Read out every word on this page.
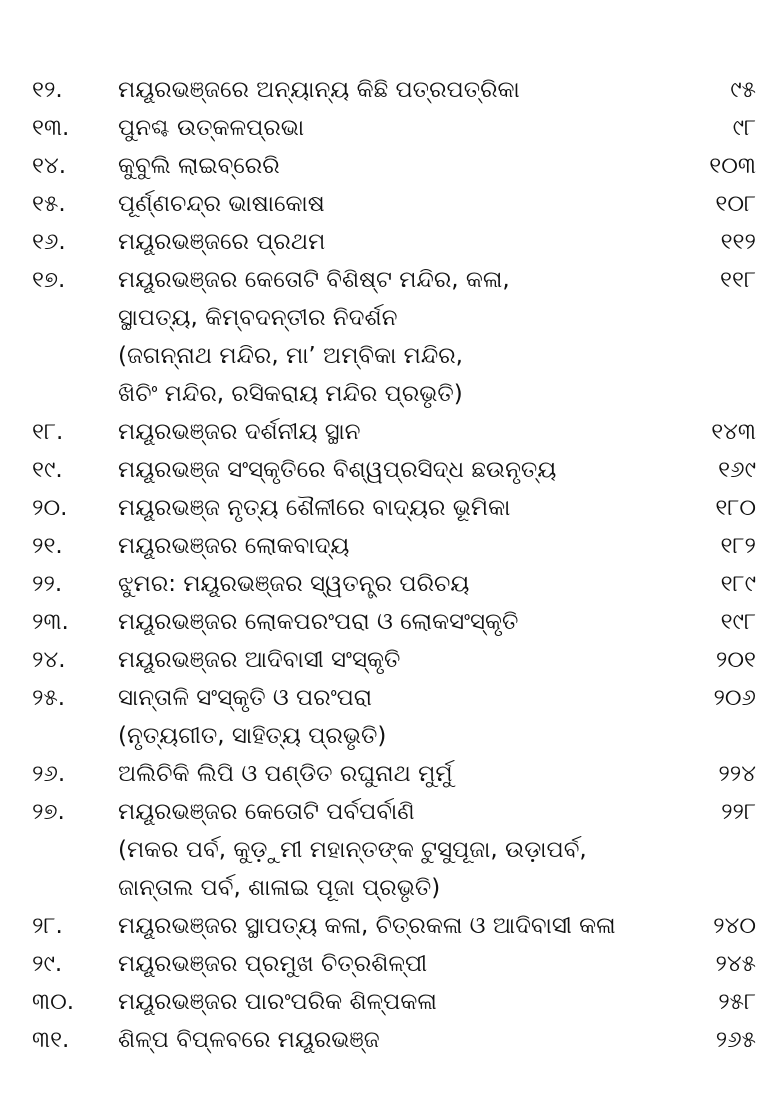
୧୨. ମୟୂରଭଞ୍ଜରେ ଅନ୍ୟାନ୍ୟ କିଛି ପତ୍ରପତ୍ରିକା	୯୫
୧୩. ପୁନଶ୍ଚ ଉତ୍କଳପ୍ରଭା	୯୮
୧୪. କୁବୁଲି ଲାଇବ୍ରେରି	୧୦୩
୧୫. ପୂର୍ଣ୍ଣଚନ୍ଦ୍ର ଭାଷାକୋଷ	୧୦୮
୧୬. ମୟୂରଭଞ୍ଜରେ ପ୍ରଥମ	୧୧୨
୧୭. ମୟୂରଭଞ୍ଜର କେତୋଟି ବିଶିଷ୍ଟ ମନ୍ଦିର, କଳା,	୧୧୮
ସ୍ଥାପତ୍ୟ, କିମ୍ବଦନ୍ତୀର ନିଦର୍ଶନ
(ଜଗନ୍ନାଥ ମନ୍ଦିର, ମା’ ଅମ୍ବିକା ମନ୍ଦିର,
ଖିଚିଂ ମନ୍ଦିର, ରସିକରାୟ ମନ୍ଦିର ପ୍ରଭୃତି)
୧୮. ମୟୂରଭଞ୍ଜର ଦର୍ଶନୀୟ ସ୍ଥାନ	୧୪୩
୧୯. ମୟୂରଭଞ୍ଜ ସଂସ୍କୃତିରେ ବିଶ୍ୱପ୍ରସିଦ୍ଧ ଛଉନୃତ୍ୟ	୧୬୯
୨୦. ମୟୂରଭଞ୍ଜ ନୃତ୍ୟ ଶୈଳୀରେ ବାଦ୍ୟର ଭୂମିକା	୧୮୦
୨୧. ମୟୂରଭଞ୍ଜର ଲୋକବାଦ୍ୟ	୧୮୨
୨୨. ଝୁମର: ମୟୂରଭଞ୍ଜର ସ୍ୱତନ୍ତ୍ର ପରିଚୟ	୧୮୯
୨୩. ମୟୂରଭଞ୍ଜର ଲୋକପରଂପରା ଓ ଲୋକସଂସ୍କୃତି	୧୯୮
୨୪. ମୟୂରଭଞ୍ଜର ଆଦିବାସୀ ସଂସ୍କୃତି	୨୦୧
୨୫. ସାନ୍ତାଳି ସଂସ୍କୃତି ଓ ପରଂପରା	୨୦୬
(ନୃତ୍ୟଗୀତ, ସାହିତ୍ୟ ପ୍ରଭୃତି)
୨୬. ଅଲିଚିକି ଲିପି ଓ ପଣ୍ଡିତ ରଘୁନାଥ ମୁର୍ମୁ	୨୨୪
୨୭. ମୟୂରଭଞ୍ଜର କେତୋଟି ପର୍ବପର୍ବାଣି	୨୨୮
(ମକର ପର୍ବ, କୁଡ଼ୁମୀ ମହାନ୍ତଙ୍କ ଟୁସୁପୂଜା, ଉଡ଼ାପର୍ବ,
ଜାନ୍ତାଲ ପର୍ବ, ଶାଳାଇ ପୂଜା ପ୍ରଭୃତି)
୨୮. ମୟୂରଭଞ୍ଜର ସ୍ଥାପତ୍ୟ କଳା, ଚିତ୍ରକଳା ଓ ଆଦିବାସୀ କଳା	୨୪୦
୨୯. ମୟୂରଭଞ୍ଜର ପ୍ରମୁଖ ଚିତ୍ରଶିଳ୍ପୀ	୨୪୫
୩୦. ମୟୂରଭଞ୍ଜର ପାରଂପରିକ ଶିଳ୍ପକଳା	୨୫୮
୩୧. ଶିଳ୍ପ ବିପ୍ଳବରେ ମୟୂରଭଞ୍ଜ	୨୬୫
